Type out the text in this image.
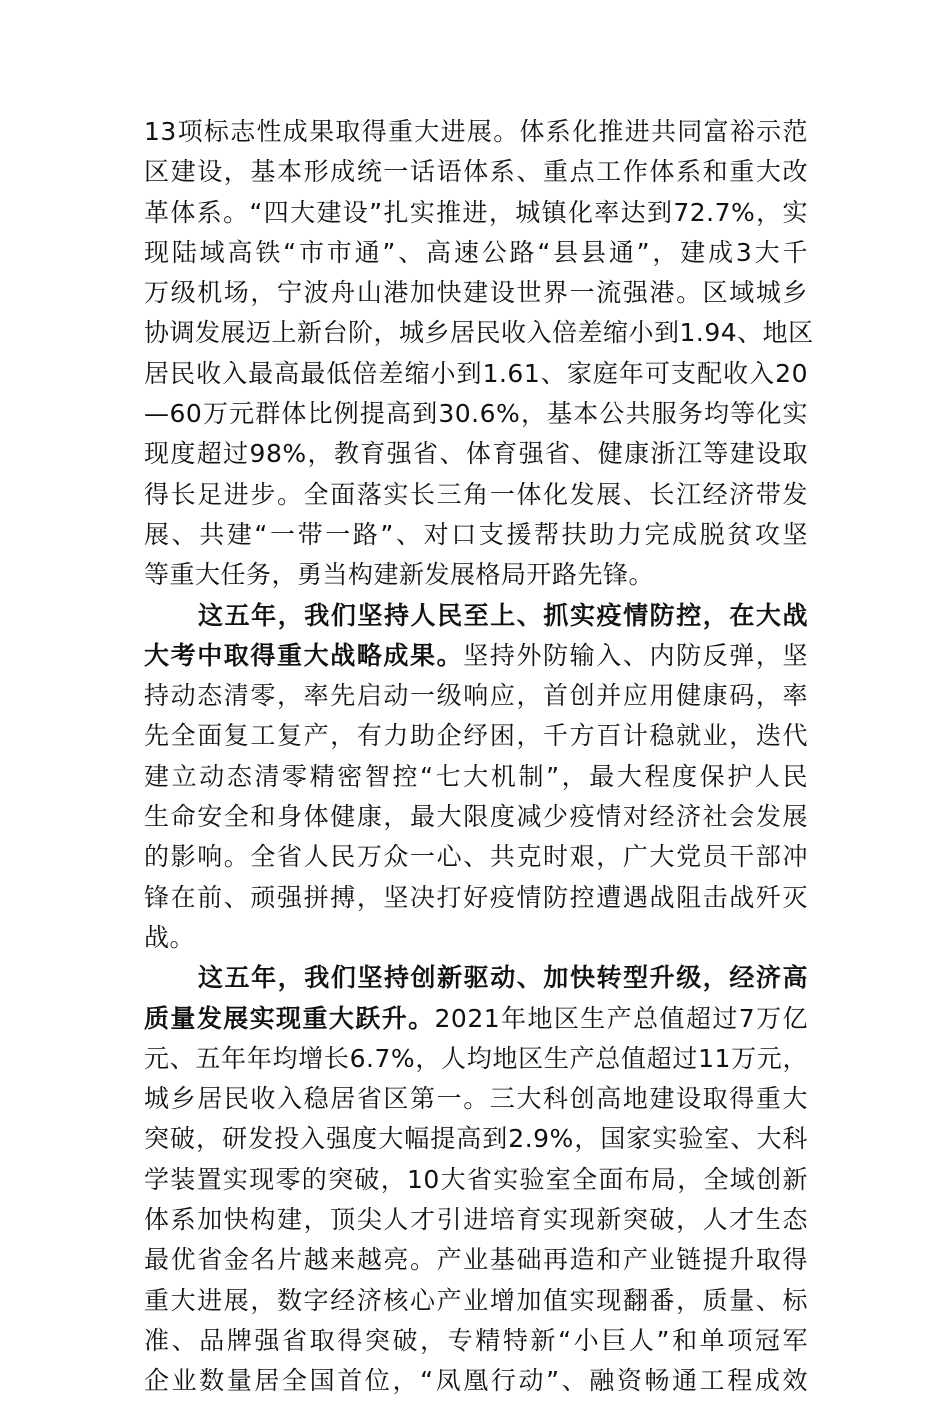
13项标志性成果取得重大进展。体系化推进共同富裕示范
区建设，基本形成统一话语体系、重点工作体系和重大改
革体系。“四大建设”扎实推进，城镇化率达到72.7%，实
现陆域高铁“市市通”、高速公路“县县通”，建成3大千
万级机场，宁波舟山港加快建设世界一流强港。区域城乡
协调发展迈上新台阶，城乡居民收入倍差缩小到1.94、地区
居民收入最高最低倍差缩小到1.61、家庭年可支配收入20
—60万元群体比例提高到30.6%，基本公共服务均等化实
现度超过98%，教育强省、体育强省、健康浙江等建设取
得长足进步。全面落实长三角一体化发展、长江经济带发
展、共建“一带一路”、对口支援帮扶助力完成脱贫攻坚
等重大任务，勇当构建新发展格局开路先锋。
这五年，我们坚持人民至上、抓实疫情防控，在大战
大考中取得重大战略成果。坚持外防输入、内防反弹，坚
持动态清零，率先启动一级响应，首创并应用健康码，率
先全面复工复产，有力助企纾困，千方百计稳就业，迭代
建立动态清零精密智控“七大机制”，最大程度保护人民
生命安全和身体健康，最大限度减少疫情对经济社会发展
的影响。全省人民万众一心、共克时艰，广大党员干部冲
锋在前、顽强拼搏，坚决打好疫情防控遭遇战阻击战歼灭
战。
这五年，我们坚持创新驱动、加快转型升级，经济高
质量发展实现重大跃升。2021年地区生产总值超过7万亿
元、五年年均增长6.7%，人均地区生产总值超过11万元，
城乡居民收入稳居省区第一。三大科创高地建设取得重大
突破，研发投入强度大幅提高到2.9%，国家实验室、大科
学装置实现零的突破，10大省实验室全面布局，全域创新
体系加快构建，顶尖人才引进培育实现新突破，人才生态
最优省金名片越来越亮。产业基础再造和产业链提升取得
重大进展，数字经济核心产业增加值实现翻番，质量、标
准、品牌强省取得突破，专精特新“小巨人”和单项冠军
企业数量居全国首位，“凤凰行动”、融资畅通工程成效
